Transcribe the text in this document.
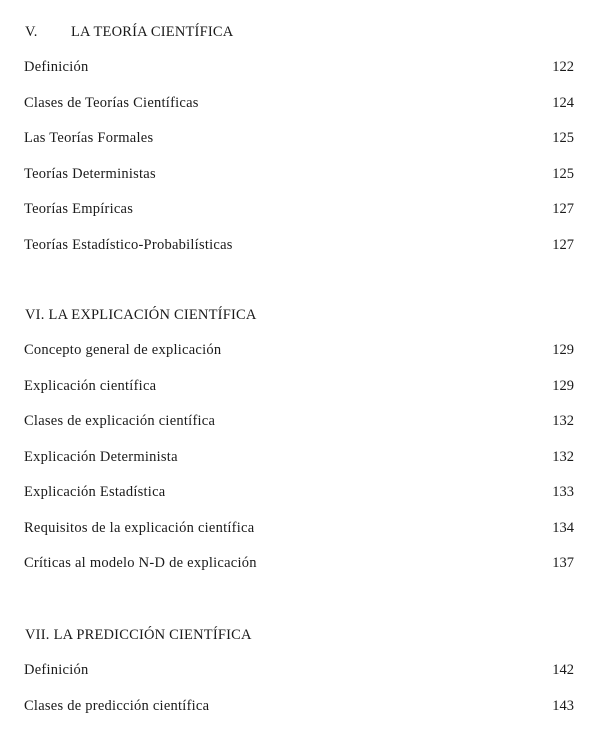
V. LA TEORÍA CIENTÍFICA
Definición	122
Clases de Teorías Científicas	124
Las Teorías Formales	125
Teorías Deterministas	125
Teorías Empíricas	127
Teorías Estadístico-Probabilísticas	127
VI. LA EXPLICACIÓN CIENTÍFICA
Concepto general de explicación	129
Explicación científica	129
Clases de explicación científica	132
Explicación Determinista	132
Explicación Estadística	133
Requisitos de la explicación científica	134
Críticas al modelo N-D de explicación	137
VII. LA PREDICCIÓN CIENTÍFICA
Definición	142
Clases de predicción científica	143
